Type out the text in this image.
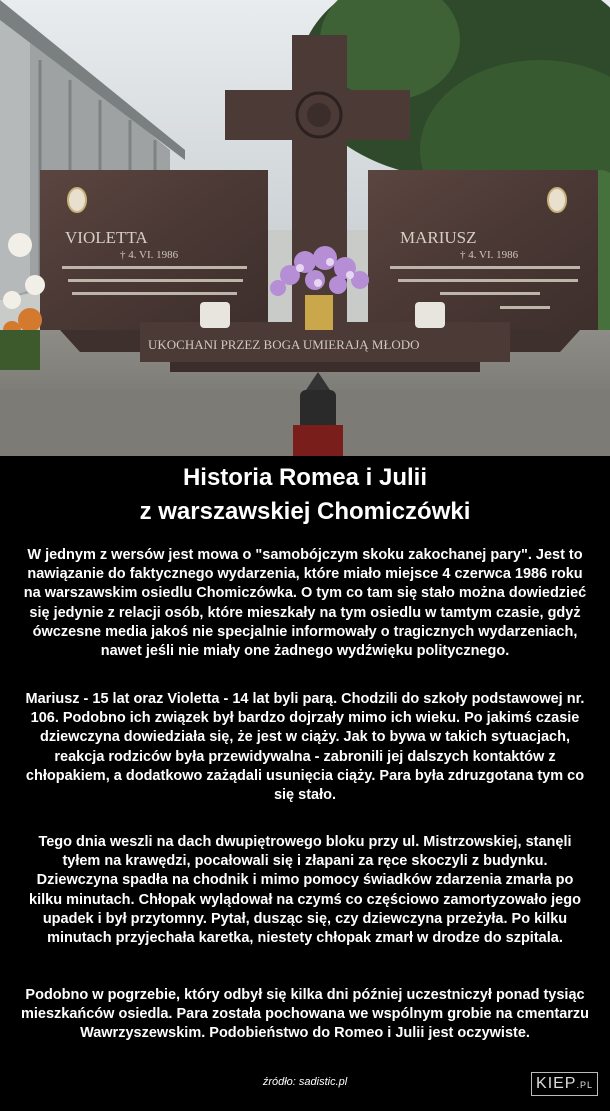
VIOLETTA
† 4. VI. 1986
MARIUSZ
† 4. VI. 1986
UKOCHANI PRZEZ BOGA UMIERAJĄ MŁODO
Historia Romea i Julii
z warszawskiej Chomiczówki
W jednym z wersów jest mowa o "samobójczym skoku zakochanej pary". Jest to nawiązanie do faktycznego wydarzenia, które miało miejsce 4 czerwca 1986 roku na warszawskim osiedlu Chomiczówka. O tym co tam się stało można dowiedzieć się jedynie z relacji osób, które mieszkały na tym osiedlu w tamtym czasie, gdyż ówczesne media jakoś nie specjalnie informowały o tragicznych wydarzeniach, nawet jeśli nie miały one żadnego wydźwięku politycznego.
Mariusz - 15 lat oraz Violetta - 14 lat byli parą. Chodzili do szkoły podstawowej nr. 106. Podobno ich związek był bardzo dojrzały mimo ich wieku. Po jakimś czasie dziewczyna dowiedziała się, że jest w ciąży. Jak to bywa w takich sytuacjach, reakcja rodziców była przewidywalna - zabronili jej dalszych kontaktów z chłopakiem, a dodatkowo zażądali usunięcia ciąży. Para była zdruzgotana tym co się stało.
Tego dnia weszli na dach dwupiętrowego bloku przy ul. Mistrzowskiej, stanęli tyłem na krawędzi, pocałowali się i złapani za ręce skoczyli z budynku. Dziewczyna spadła na chodnik i mimo pomocy świadków zdarzenia zmarła po kilku minutach. Chłopak wylądował na czymś co częściowo zamortyzowało jego upadek i był przytomny. Pytał, dusząc się, czy dziewczyna przeżyła. Po kilku minutach przyjechała karetka, niestety chłopak zmarł w drodze do szpitala.
Podobno w pogrzebie, który odbył się kilka dni później uczestniczył ponad tysiąc mieszkańców osiedla. Para została pochowana we wspólnym grobie na cmentarzu Wawrzyszewskim. Podobieństwo do Romeo i Julii jest oczywiste.
źródło: sadistic.pl	KIEP.PL
